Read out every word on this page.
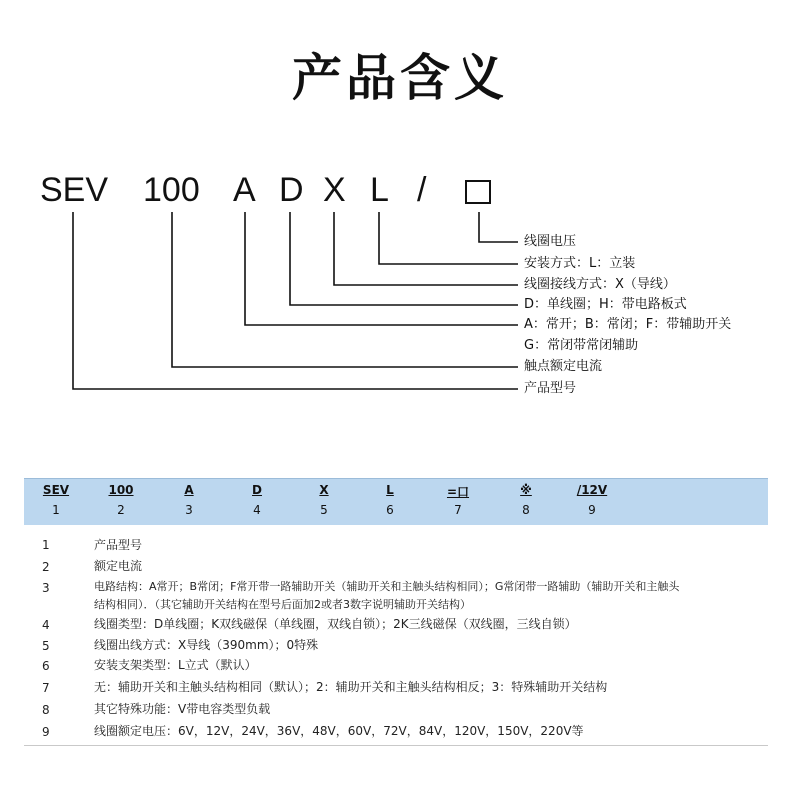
产品含义
SEV 100 A D X L /
线圈电压
安装方式：L：立装
线圈接线方式：X（导线）
D：单线圈；H：带电路板式
A：常开；B：常闭；F：带辅助开关
G：常闭带常闭辅助
触点额定电流
产品型号
SEV	100	A	D	X	L	=口	※	/12V
1	2	3	4	5	6	7	8	9
1	产品型号
2	额定电流
3	电路结构：A常开；B常闭；F常开带一路辅助开关（辅助开关和主触头结构相同）；G常闭带一路辅助（辅助开关和主触头
结构相同）．（其它辅助开关结构在型号后面加2或者3数字说明辅助开关结构）
4	线圈类型：D单线圈；K双线磁保（单线圈，双线自锁）；2K三线磁保（双线圈，三线自锁）
5	线圈出线方式：X导线（390mm）；0特殊
6	安装支架类型：L立式（默认）
7	无：辅助开关和主触头结构相同（默认）；2：辅助开关和主触头结构相反；3：特殊辅助开关结构
8	其它特殊功能：V带电容类型负载
9	线圈额定电压：6V，12V，24V，36V，48V，60V，72V，84V，120V，150V，220V等
